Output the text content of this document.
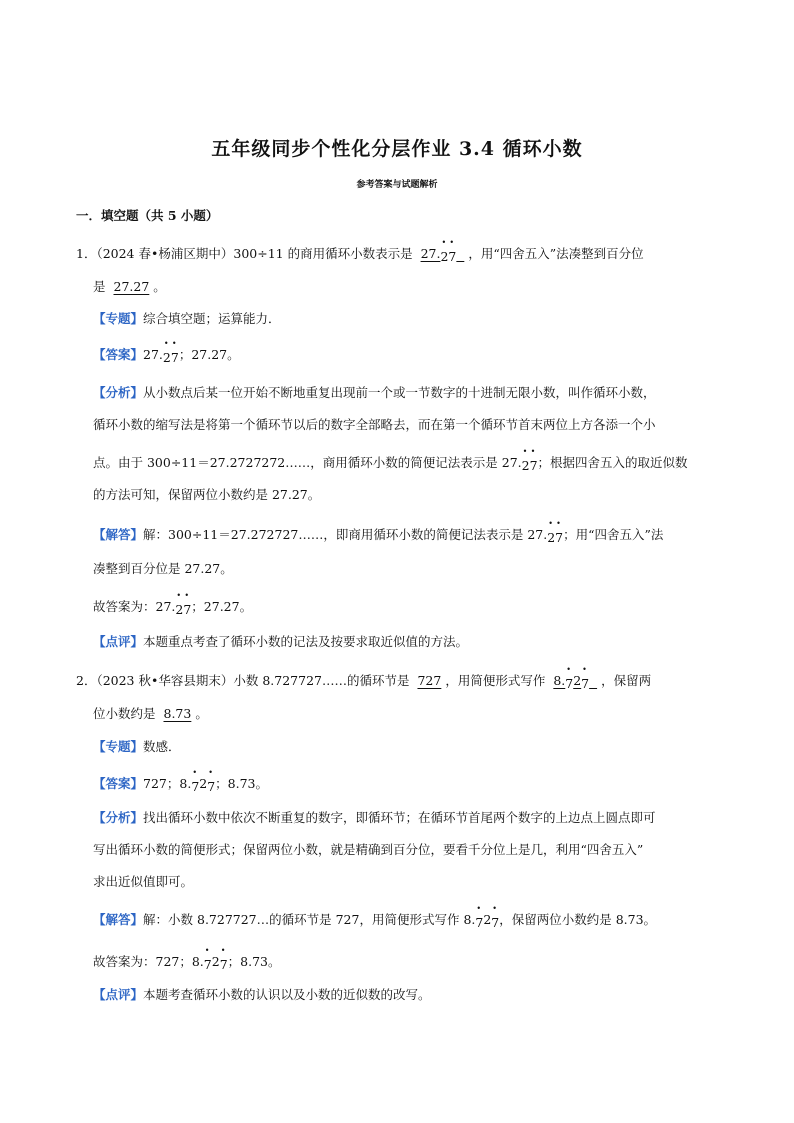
五年级同步个性化分层作业 3.4 循环小数
参考答案与试题解析
一．填空题（共 5 小题）
1．（2024 春•杨浦区期中）300÷11 的商用循环小数表示是 27.• 2• 7 ，用“四舍五入”法凑整到百分位
是 27.27 。
【专题】综合填空题；运算能力．
【答案】27.• 2• 7；27.27。
【分析】从小数点后某一位开始不断地重复出现前一个或一节数字的十进制无限小数，叫作循环小数，
循环小数的缩写法是将第一个循环节以后的数字全部略去，而在第一个循环节首末两位上方各添一个小
点。由于 300÷11＝27.2727272……，商用循环小数的简便记法表示是 27.• 2• 7；根据四舍五入的取近似数
的方法可知，保留两位小数约是 27.27。
【解答】解：300÷11＝27.272727……，即商用循环小数的简便记法表示是 27.• 2• 7；用“四舍五入”法
凑整到百分位是 27.27。
故答案为：27.• 2• 7；27.27。
【点评】本题重点考查了循环小数的记法及按要求取近似值的方法。
2．（2023 秋•华容县期末）小数 8.727727……的循环节是 727 ，用简便形式写作 8.• 72• 7 ，保留两
位小数约是 8.73 。
【专题】数感．
【答案】727；8.• 72• 7；8.73。
【分析】找出循环小数中依次不断重复的数字，即循环节；在循环节首尾两个数字的上边点上圆点即可
写出循环小数的简便形式；保留两位小数，就是精确到百分位，要看千分位上是几，利用“四舍五入”
求出近似值即可。
【解答】解：小数 8.727727…的循环节是 727，用简便形式写作 8.• 72• 7，保留两位小数约是 8.73。
故答案为：727；8.• 72• 7；8.73。
【点评】本题考查循环小数的认识以及小数的近似数的改写。
